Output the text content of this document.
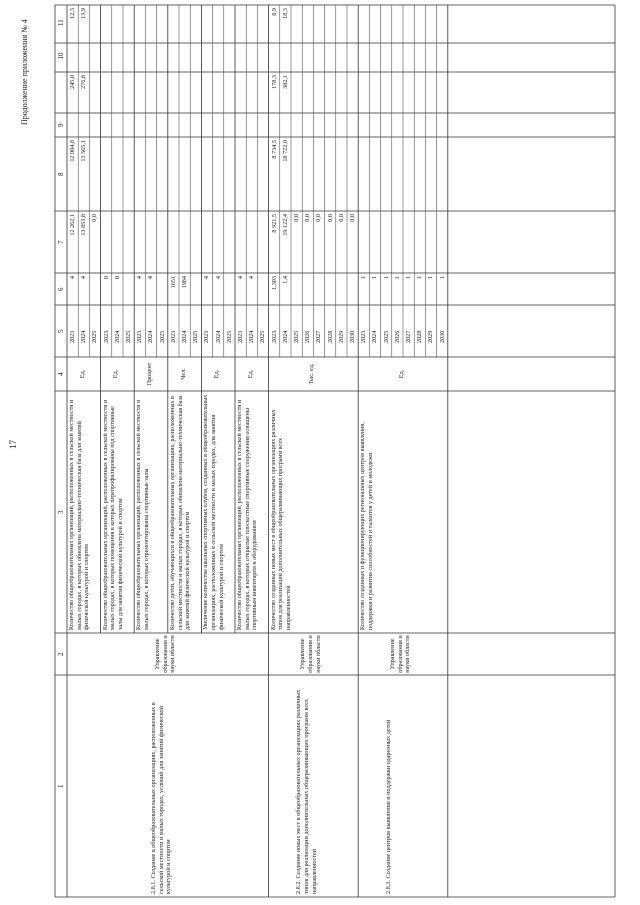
17
Продолжение приложения № 4
1
2
3
4
5
6
7
8
9
10
11
Количество общеобразовательных организаций, расположенных в сельской местности и малых городах, в которых обновлена материально-техническая база для занятий физической культурой и спортом
Ед.
2023
4
12 262,1
12 004,8
245,0
12,3
2024
4
13 853,8
13 565,1
276,8
13,9
2025
0,0
Количество общеобразовательных организаций, расположенных в сельской местности и малых городах, в которых помещения в которых перепрофилированы под спортивные залы для занятия физической культурой и спортом
Ед.
2023
0
2024
0
2025
Количество общеобразовательных организаций, расположенных в сельской местности и малых городах, в которых отремонтированы спортивные залы
Процент
2023
4
2024
4
2025
Количество детей, обучающихся в общеобразовательных организациях, расположенных в сельской местности и малых городах, в которых обновлена материально-техническая база для занятий физической культурой и спортом
Чел.
2023
1651
2024
1984
2025
Увеличение количества школьных спортивных клубов, созданных в общеобразовательных организациях, расположенных в сельской местности и малых городах, для занятия физической культурой и спортом
Ед.
2023
4
2024
4
2025
Количество общеобразовательных организаций, расположенных в сельской местности и малых городах, в которых открытые плоскостные спортивные сооружения оснащены спортивным инвентарем и оборудованием
Ед.
2023
4
2024
4
2025
Количество созданных новых мест в общеобразовательных организациях различных типов для реализации дополнительных общеразвивающих программ всех направленностей
Тыс. ед.
2023
1,303
8 921,5
8 734,5
178,3
8,9
2024
1,4
19 122,4
18 722,0
382,1
18,3
2025
0,0
2026
0,0
2027
0,0
2028
0,0
2029
0,0
2030
0,0
Количество созданных и функционирующих региональных центров выявления, поддержки и развития способностей и талантов у детей и молодежи
Ед.
2023
1
2024
1
2025
1
2026
1
2027
1
2028
1
2029
1
2030
1
2.8.1. Создание в общеобразовательных организациях, расположенных в сельской местности и малых городах, условий для занятий физической культурой и спортом
Управление образования и науки области
2.8.2. Создание новых мест в общеобразовательных организациях различных типов для реализации дополнительных общеразвивающих программ всех направленностей
Управление образования и науки области
2.8.3. Создание центров выявления и поддержки одаренных детей
Управление образования и науки области
